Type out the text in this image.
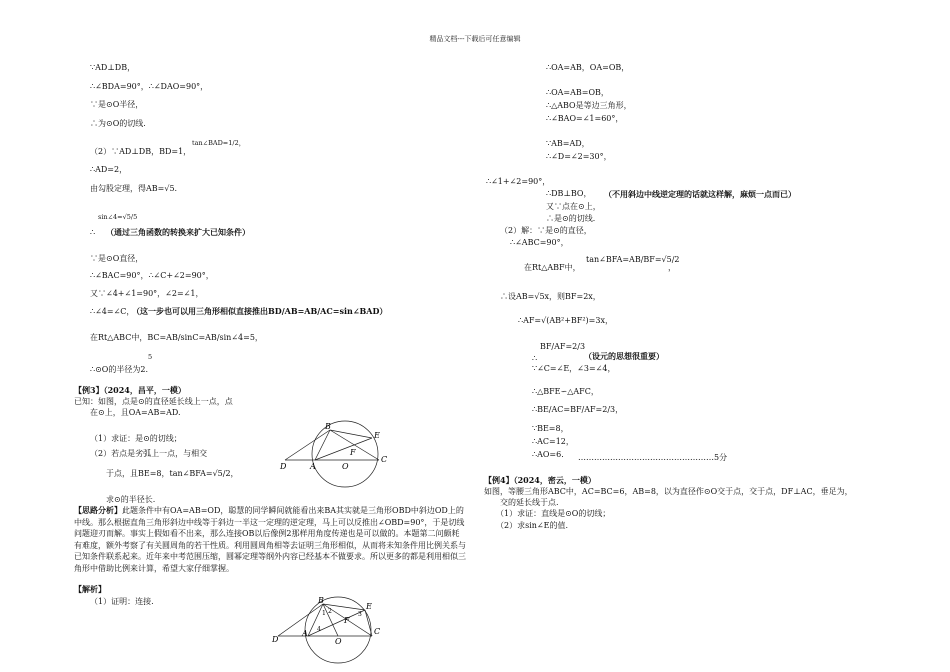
精品文档---下载后可任意编辑
∵AD⊥DB，
∴∠BDA=90°，∴∠DAO=90°，
∵是⊙O半径，
∴为⊙O的切线.
（2）∵AD⊥DB，BD=1，
tan∠BAD=1/2，
∴AD=2，
由勾股定理，得AB=√5.
sin∠4=√5/5
∴ （通过三角函数的转换来扩大已知条件）
∵是⊙O直径，
∴∠BAC=90°，∴∠C+∠2=90°，
又∵∠4+∠1=90°，∠2=∠1，
∴∠4=∠C，
（这一步也可以用三角形相似直接推出BD/AB=AB/AC=sin∠BAD）
在Rt△ABC中，BC=AB/sinC=AB/sin∠4=5，
5
∴⊙O的半径为2.
【例3】（2024，昌平，一模）
已知：如图，点是⊙的直径延长线上一点，点
在⊙上，且OA=AB=AD.
（1）求证：是⊙的切线；
（2）若点是劣弧上一点，与相交
于点，且BE=8，tan∠BFA=√5/2，
求⊙的半径长.
B
E
D	A	O
F
C
【思路分析】此题条件中有OA=AB=OD，聪慧的同学瞬间就能看出来BA其实就是三角形OBD中斜边OD上的中线。那么根据直角三角形斜边中线等于斜边一半这一定理的逆定理，马上可以反推出∠OBD=90°，于是切线问题迎刃而解。事实上假如看不出来，那么连接OB以后像例2那样用角度传递也是可以做的。本题第二问颇耗有难度，额外考察了有关圆周角的若干性质。利用圆周角相等去证明三角形相似，从而将未知条件用比例关系与已知条件联系起来。近年来中考范围压缩，圆幂定理等纲外内容已经基本不做要求。所以更多的都是利用相似三角形中借助比例来计算，希望大家仔细掌握。
【解析】
（1）证明：连接.	B
E
D
A
O
F
C
1 2	3
4
∴OA=AB，OA=OB，
∴OA=AB=OB，
∴△ABO是等边三角形，
∴∠BAO=∠1=60°，
∵AB=AD，
∴∠D=∠2=30°，
∴∠1+∠2=90°，
∴DB⊥BO， （不用斜边中线逆定理的话就这样解，麻烦一点而已）
又∵点在⊙上，
∴是⊙的切线．
（2）解：∵是⊙的直径，
∴∠ABC=90°，
在Rt△ABF中，
tan∠BFA=AB/BF=√5/2
，
∴设AB=√5x，则BF=2x，
∴AF=√(AB²+BF²)=3x，
BF/AF=2/3
∴	（设元的思想很重要）
∵∠C=∠E，∠3=∠4，
∴△BFE∽△AFC，
∴BE/AC=BF/AF=2/3，
∵BE=8，
∴AC=12，
∴AO=6． ……………………………………………5分
【例4】（2024，密云，一模）
如图，等腰三角形ABC中，AC=BC=6，AB=8，以为直径作⊙O交于点，交于点，DF⊥AC，垂足为，
交的延长线于点.
（1）求证：直线是⊙O的切线；
（2）求sin∠E的值.
